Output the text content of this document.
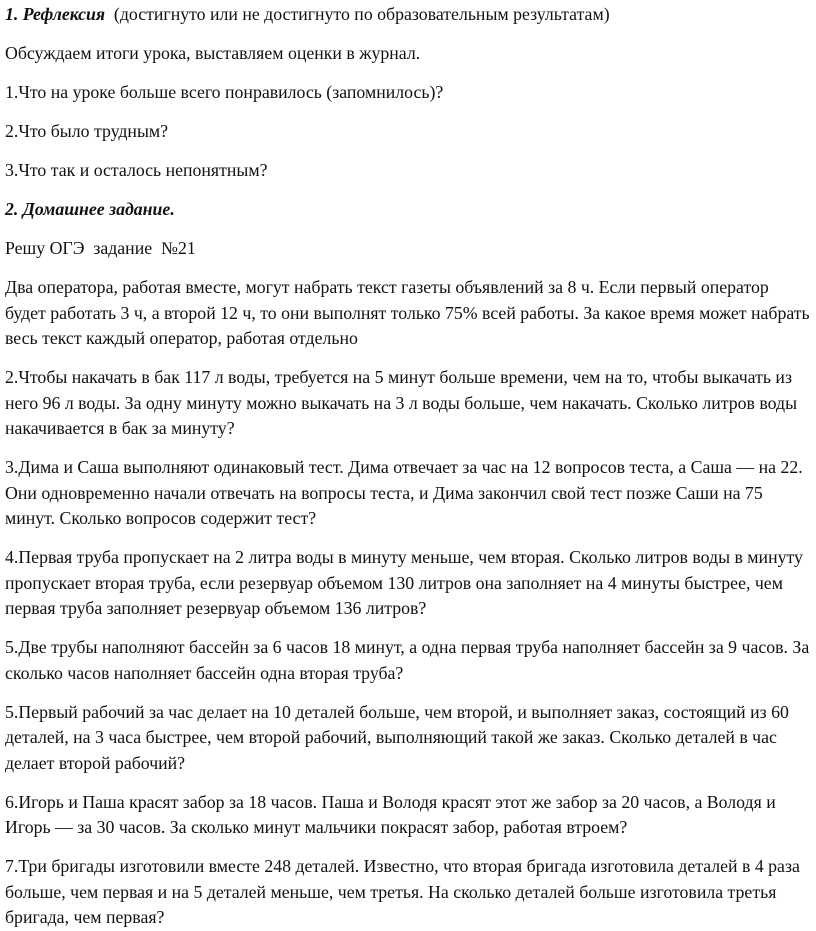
1. Рефлексия (достигнуто или не достигнуто по образовательным результатам)

Обсуждаем итоги урока, выставляем оценки в журнал.

1.Что на уроке больше всего понравилось (запомнилось)?

2.Что было трудным?

3.Что так и осталось непонятным?

2. Домашнее задание.

Решу ОГЭ  задание  №21

Два оператора, работая вместе, могут набрать текст газеты объявлений за 8 ч. Если первый оператор будет работать 3 ч, а второй 12 ч, то они выполнят только 75% всей работы. За какое время может набрать весь текст каждый оператор, работая отдельно

2.Чтобы накачать в бак 117 л воды, требуется на 5 минут больше времени, чем на то, чтобы выкачать из него 96 л воды. За одну минуту можно выкачать на 3 л воды больше, чем накачать. Сколько литров воды накачивается в бак за минуту?

3.Дима и Саша выполняют одинаковый тест. Дима отвечает за час на 12 вопросов теста, а Саша — на 22. Они одновременно начали отвечать на вопросы теста, и Дима закончил свой тест позже Саши на 75 минут. Сколько вопросов содержит тест?

4.Первая труба пропускает на 2 литра воды в минуту меньше, чем вторая. Сколько литров воды в минуту пропускает вторая труба, если резервуар объемом 130 литров она заполняет на 4 минуты быстрее, чем первая труба заполняет резервуар объемом 136 литров?

5.Две трубы наполняют бассейн за 6 часов 18 минут, а одна первая труба наполняет бассейн за 9 часов. За сколько часов наполняет бассейн одна вторая труба?

5.Первый рабочий за час делает на 10 деталей больше, чем второй, и выполняет заказ, состоящий из 60 деталей, на 3 часа быстрее, чем второй рабочий, выполняющий такой же заказ. Сколько деталей в час делает второй рабочий?

6.Игорь и Паша красят забор за 18 часов. Паша и Володя красят этот же забор за 20 часов, а Володя и Игорь — за 30 часов. За сколько минут мальчики покрасят забор, работая втроем?

7.Три бригады изготовили вместе 248 деталей. Известно, что вторая бригада изготовила деталей в 4 раза больше, чем первая и на 5 деталей меньше, чем третья. На сколько деталей больше изготовила третья бригада, чем первая?
